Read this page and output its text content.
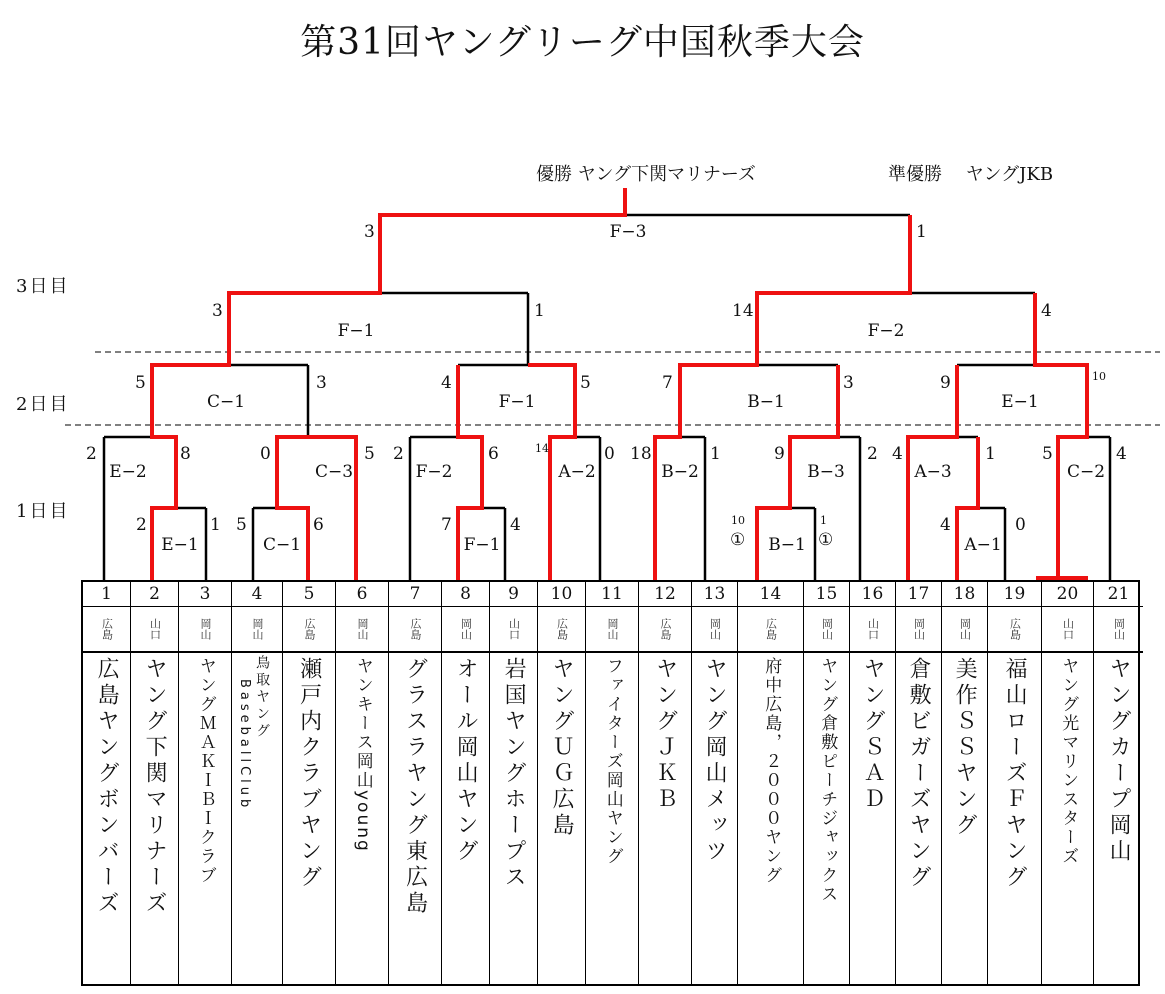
第31回ヤングリーグ中国秋季大会
優勝 ヤング下関マリナーズ	準優勝　 ヤングJKB
3日目
2日目
1日目
F−3
3	1
F−1
3	1
F−2
14	4
C−1
5	3
F−1
4	5
B−1
7	3
E−1
9	10
E−2
2	8
C−3
0	5
F−2
2	6
A−2
14	0
B−2
18	1
B−3
9	2
A−3
4	1
C−2
5	4
E−1
2	1
C−1
5	6
F−1
7	4
B−1
10
①
1
①	A−1
4	0
1
広島
広島ヤングボンバーズ
2
山口
ヤング下関マリナーズ
3
岡山
ヤングＭＡＫＩＢＩクラブ
4
岡山
鳥取ヤング
BaseballClub
5
広島
瀬戸内クラブヤング
6
岡山
ヤンキース岡山young
7
広島
グラスラヤング東広島
8
岡山
オール岡山ヤング
9
山口
岩国ヤングホープス
10
広島
ヤングＵＧ広島
11
岡山
ファイターズ岡山ヤング
12
広島
ヤングＪＫＢ
13
岡山
ヤング岡山メッツ
14
広島
府中広島，２０００ヤング
15
岡山
ヤング倉敷ピーチジャックス
16
山口
ヤングＳＡＤ
17
岡山
倉敷ビガーズヤング
18
岡山
美作ＳＳヤング
19
広島
福山ローズＦヤング
20
山口
ヤング光マリンスターズ
21
岡山
ヤングカープ岡山
